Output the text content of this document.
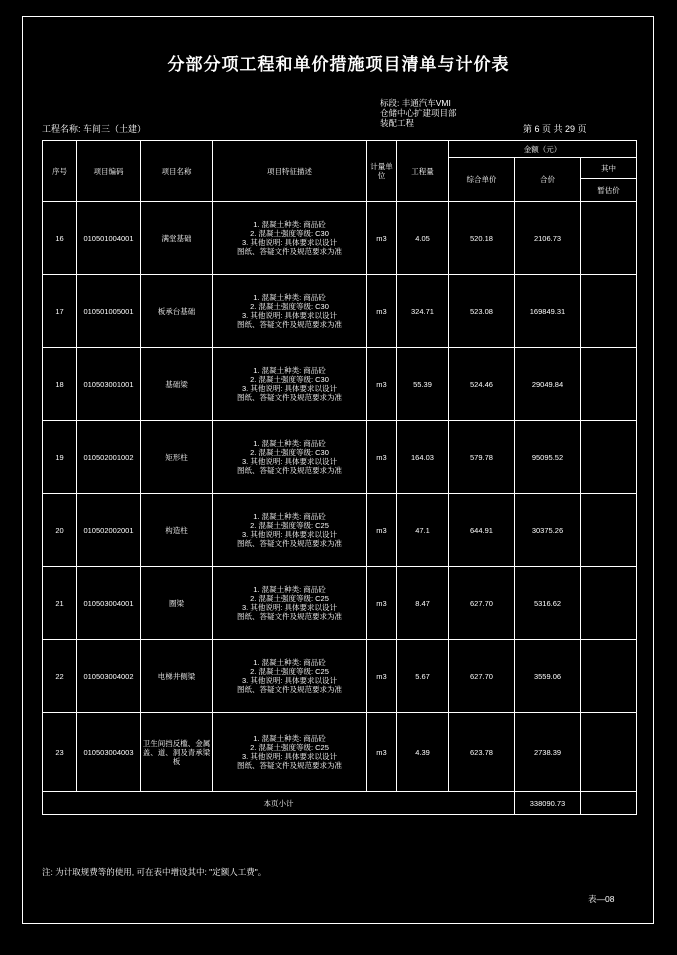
分部分项工程和单价措施项目清单与计价表
标段: 丰通汽车VMI
仓储中心扩建项目部
装配工程
工程名称: 车间三（土建）	第 6 页 共 29 页
序号	项目编码	项目名称	项目特征描述	计量单位	工程量	金额（元）		
						综合单价	合价	其中
								暂估价
16	010501004001	满堂基础	1. 混凝土种类: 商品砼
2. 混凝土强度等级: C30
3. 其他说明: 具体要求以设计
图纸、答疑文件及规范要求为准	m3	4.05	520.18	2106.73	
17	010501005001	板承台基础	1. 混凝土种类: 商品砼
2. 混凝土强度等级: C30
3. 其他说明: 具体要求以设计
图纸、答疑文件及规范要求为准	m3	324.71	523.08	169849.31	
18	010503001001	基础梁	1. 混凝土种类: 商品砼
2. 混凝土强度等级: C30
3. 其他说明: 具体要求以设计
图纸、答疑文件及规范要求为准	m3	55.39	524.46	29049.84	
19	010502001002	矩形柱	1. 混凝土种类: 商品砼
2. 混凝土强度等级: C30
3. 其他说明: 具体要求以设计
图纸、答疑文件及规范要求为准	m3	164.03	579.78	95095.52	
20	010502002001	构造柱	1. 混凝土种类: 商品砼
2. 混凝土强度等级: C25
3. 其他说明: 具体要求以设计
图纸、答疑文件及规范要求为准	m3	47.1	644.91	30375.26	
21	010503004001	圈梁	1. 混凝土种类: 商品砼
2. 混凝土强度等级: C25
3. 其他说明: 具体要求以设计
图纸、答疑文件及规范要求为准	m3	8.47	627.70	5316.62	
22	010503004002	电梯井侧梁	1. 混凝土种类: 商品砼
2. 混凝土强度等级: C25
3. 其他说明: 具体要求以设计
图纸、答疑文件及规范要求为准	m3	5.67	627.70	3559.06	
23	010503004003	卫生间挡反槛、金属盖、道、洞及青承梁板	1. 混凝土种类: 商品砼
2. 混凝土强度等级: C25
3. 其他说明: 具体要求以设计
图纸、答疑文件及规范要求为准	m3	4.39	623.78	2738.39	
本页小计							338090.73	
注: 为计取规费等的使用, 可在表中增设其中: "定额人工费"。
表—08
